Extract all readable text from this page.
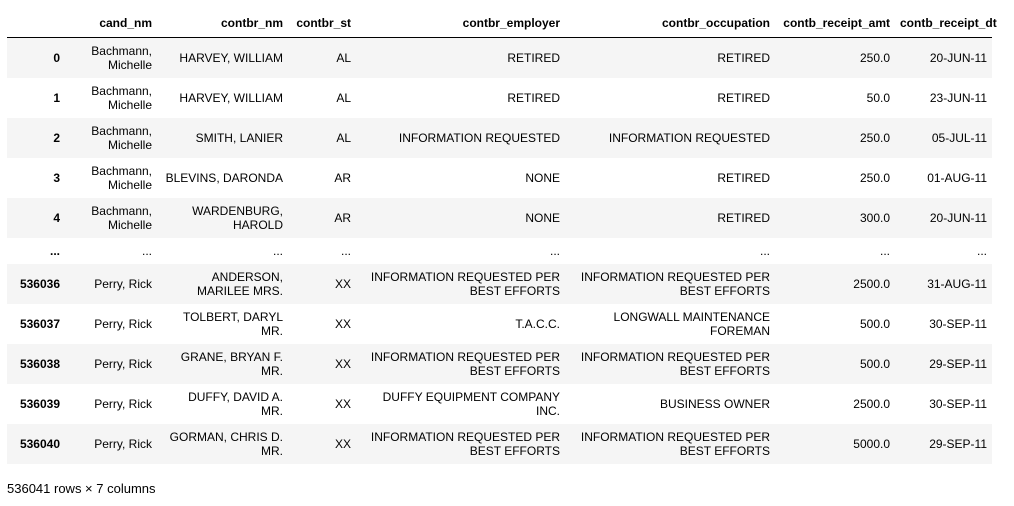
	cand_nm	contbr_nm	contbr_st	contbr_employer	contbr_occupation	contb_receipt_amt	contb_receipt_dt
0	Bachmann,
Michelle	HARVEY, WILLIAM	AL	RETIRED	RETIRED	250.0	20-JUN-11
1	Bachmann,
Michelle	HARVEY, WILLIAM	AL	RETIRED	RETIRED	50.0	23-JUN-11
2	Bachmann,
Michelle	SMITH, LANIER	AL	INFORMATION REQUESTED	INFORMATION REQUESTED	250.0	05-JUL-11
3	Bachmann,
Michelle	BLEVINS, DARONDA	AR	NONE	RETIRED	250.0	01-AUG-11
4	Bachmann,
Michelle	WARDENBURG,
HAROLD	AR	NONE	RETIRED	300.0	20-JUN-11
...	...	...	...	...	...	...	...
536036	Perry, Rick	ANDERSON,
MARILEE MRS.	XX	INFORMATION REQUESTED PER
BEST EFFORTS	INFORMATION REQUESTED PER
BEST EFFORTS	2500.0	31-AUG-11
536037	Perry, Rick	TOLBERT, DARYL
MR.	XX	T.A.C.C.	LONGWALL MAINTENANCE
FOREMAN	500.0	30-SEP-11
536038	Perry, Rick	GRANE, BRYAN F.
MR.	XX	INFORMATION REQUESTED PER
BEST EFFORTS	INFORMATION REQUESTED PER
BEST EFFORTS	500.0	29-SEP-11
536039	Perry, Rick	DUFFY, DAVID A.
MR.	XX	DUFFY EQUIPMENT COMPANY
INC.	BUSINESS OWNER	2500.0	30-SEP-11
536040	Perry, Rick	GORMAN, CHRIS D.
MR.	XX	INFORMATION REQUESTED PER
BEST EFFORTS	INFORMATION REQUESTED PER
BEST EFFORTS	5000.0	29-SEP-11
536041 rows × 7 columns
